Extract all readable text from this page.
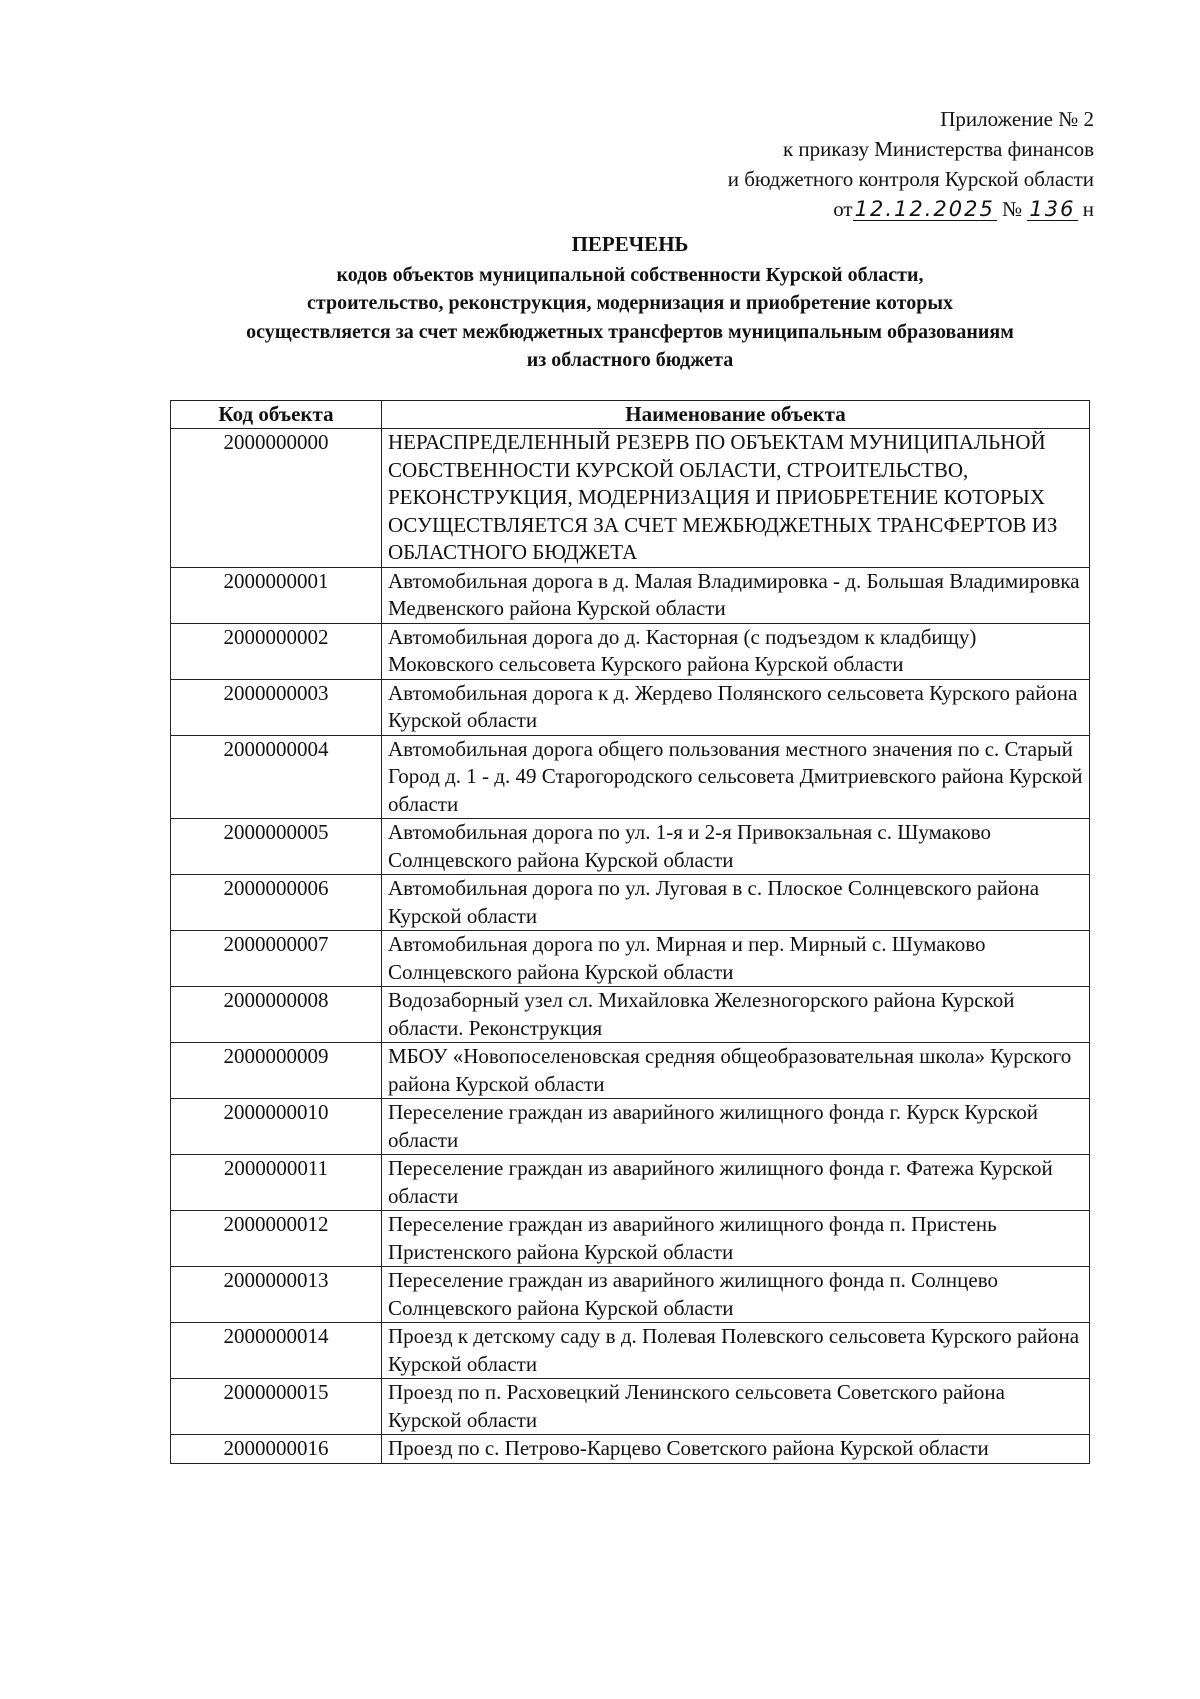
Приложение № 2
к приказу Министерства финансов
и бюджетного контроля Курской области
от12.12.2025 № 136 н
ПЕРЕЧЕНЬ
кодов объектов муниципальной собственности Курской области,
строительство, реконструкция, модернизация и приобретение которых
осуществляется за счет межбюджетных трансфертов муниципальным образованиям
из областного бюджета
Код объекта	Наименование объекта
2000000000	НЕРАСПРЕДЕЛЕННЫЙ РЕЗЕРВ ПО ОБЪЕКТАМ МУНИЦИПАЛЬНОЙ СОБСТВЕННОСТИ КУРСКОЙ ОБЛАСТИ, СТРОИТЕЛЬСТВО, РЕКОНСТРУКЦИЯ, МОДЕРНИЗАЦИЯ И ПРИОБРЕТЕНИЕ КОТОРЫХ ОСУЩЕСТВЛЯЕТСЯ ЗА СЧЕТ МЕЖБЮДЖЕТНЫХ ТРАНСФЕРТОВ ИЗ ОБЛАСТНОГО БЮДЖЕТА
2000000001	Автомобильная дорога в д. Малая Владимировка - д. Большая Владимировка Медвенского района Курской области
2000000002	Автомобильная дорога до д. Касторная (с подъездом к кладбищу) Моковского сельсовета Курского района Курской области
2000000003	Автомобильная дорога к д. Жердево Полянского сельсовета Курского района Курской области
2000000004	Автомобильная дорога общего пользования местного значения по с. Старый Город д. 1 - д. 49 Старогородского сельсовета Дмитриевского района Курской области
2000000005	Автомобильная дорога по ул. 1-я и 2-я Привокзальная с. Шумаково Солнцевского района Курской области
2000000006	Автомобильная дорога по ул. Луговая в с. Плоское Солнцевского района Курской области
2000000007	Автомобильная дорога по ул. Мирная и пер. Мирный с. Шумаково Солнцевского района Курской области
2000000008	Водозаборный узел сл. Михайловка Железногорского района Курской области. Реконструкция
2000000009	МБОУ «Новопоселеновская средняя общеобразовательная школа» Курского района Курской области
2000000010	Переселение граждан из аварийного жилищного фонда г. Курск Курской области
2000000011	Переселение граждан из аварийного жилищного фонда г. Фатежа Курской области
2000000012	Переселение граждан из аварийного жилищного фонда п. Пристень Пристенского района Курской области
2000000013	Переселение граждан из аварийного жилищного фонда п. Солнцево Солнцевского района Курской области
2000000014	Проезд к детскому саду в д. Полевая Полевского сельсовета Курского района Курской области
2000000015	Проезд по п. Расховецкий Ленинского сельсовета Советского района Курской области
2000000016	Проезд по с. Петрово-Карцево Советского района Курской области
